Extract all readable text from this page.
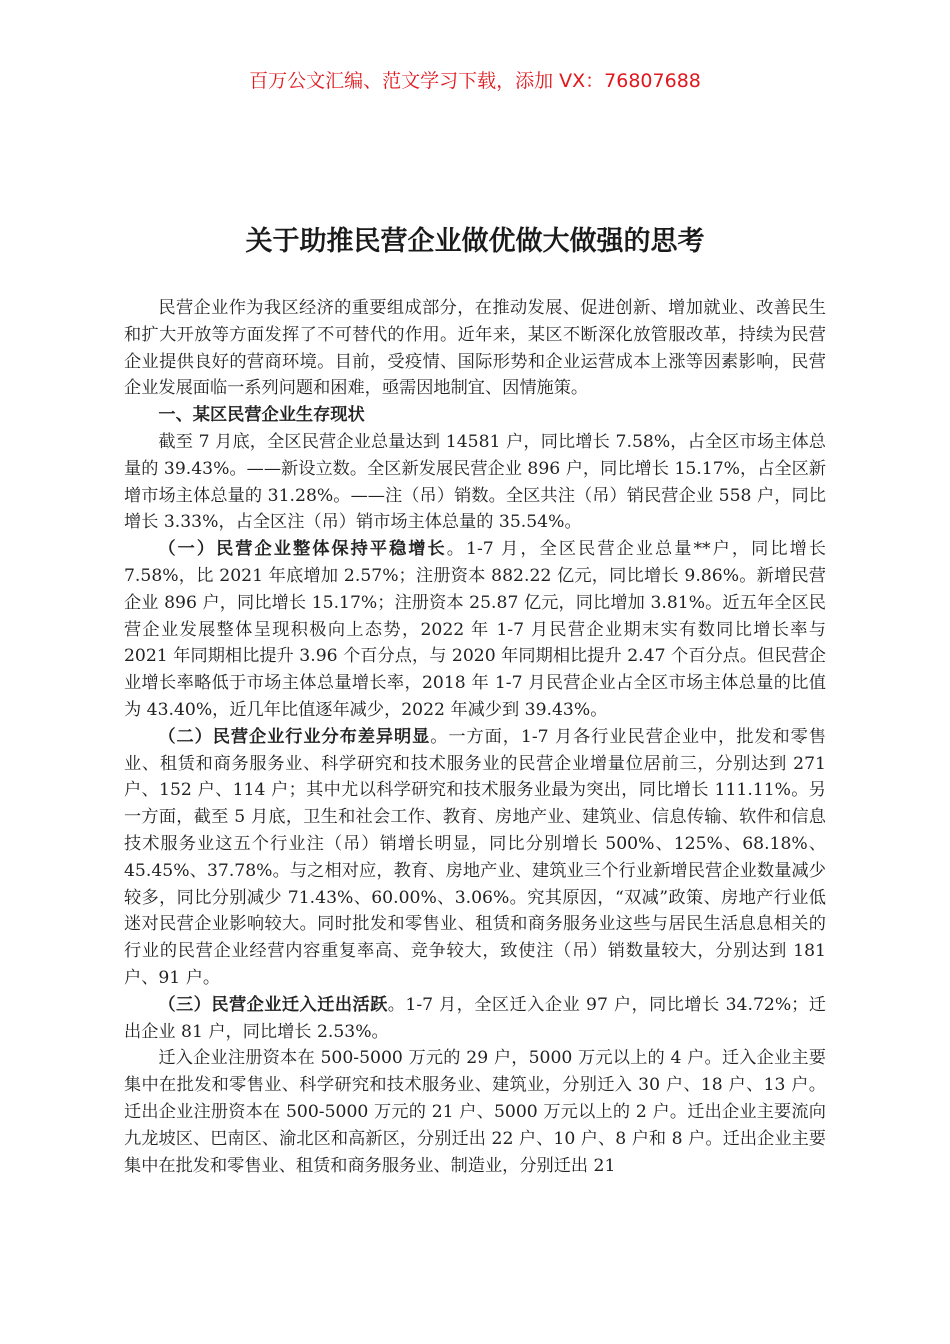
百万公文汇编、范文学习下载，添加 VX：76807688
关于助推民营企业做优做大做强的思考

民营企业作为我区经济的重要组成部分，在推动发展、促进创新、增加就业、改善民生和扩大开放等方面发挥了不可替代的作用。近年来，某区不断深化放管服改革，持续为民营企业提供良好的营商环境。目前，受疫情、国际形势和企业运营成本上涨等因素影响，民营企业发展面临一系列问题和困难，亟需因地制宜、因情施策。

一、某区民营企业生存现状

截至 7 月底，全区民营企业总量达到 14581 户，同比增长 7.58%，占全区市场主体总量的 39.43%。——新设立数。全区新发展民营企业 896 户，同比增长 15.17%，占全区新增市场主体总量的 31.28%。——注（吊）销数。全区共注（吊）销民营企业 558 户，同比增长 3.33%，占全区注（吊）销市场主体总量的 35.54%。

（一）民营企业整体保持平稳增长。1-7 月，全区民营企业总量**户，同比增长 7.58%，比 2021 年底增加 2.57%；注册资本 882.22 亿元，同比增长 9.86%。新增民营企业 896 户，同比增长 15.17%；注册资本 25.87 亿元，同比增加 3.81%。近五年全区民营企业发展整体呈现积极向上态势，2022 年 1-7 月民营企业期末实有数同比增长率与 2021 年同期相比提升 3.96 个百分点，与 2020 年同期相比提升 2.47 个百分点。但民营企业增长率略低于市场主体总量增长率，2018 年 1-7 月民营企业占全区市场主体总量的比值为 43.40%，近几年比值逐年减少，2022 年减少到 39.43%。

（二）民营企业行业分布差异明显。一方面，1-7 月各行业民营企业中，批发和零售业、租赁和商务服务业、科学研究和技术服务业的民营企业增量位居前三，分别达到 271 户、152 户、114 户；其中尤以科学研究和技术服务业最为突出，同比增长 111.11%。另一方面，截至 5 月底，卫生和社会工作、教育、房地产业、建筑业、信息传输、软件和信息技术服务业这五个行业注（吊）销增长明显，同比分别增长 500%、125%、68.18%、45.45%、37.78%。与之相对应，教育、房地产业、建筑业三个行业新增民营企业数量减少较多，同比分别减少 71.43%、60.00%、3.06%。究其原因，“双减”政策、房地产行业低迷对民营企业影响较大。同时批发和零售业、租赁和商务服务业这些与居民生活息息相关的行业的民营企业经营内容重复率高、竞争较大，致使注（吊）销数量较大，分别达到 181 户、91 户。

（三）民营企业迁入迁出活跃。1-7 月，全区迁入企业 97 户，同比增长 34.72%；迁出企业 81 户，同比增长 2.53%。

迁入企业注册资本在 500-5000 万元的 29 户，5000 万元以上的 4 户。迁入企业主要集中在批发和零售业、科学研究和技术服务业、建筑业，分别迁入 30 户、18 户、13 户。迁出企业注册资本在 500-5000 万元的 21 户、5000 万元以上的 2 户。迁出企业主要流向九龙坡区、巴南区、渝北区和高新区，分别迁出 22 户、10 户、8 户和 8 户。迁出企业主要集中在批发和零售业、租赁和商务服务业、制造业，分别迁出 21
